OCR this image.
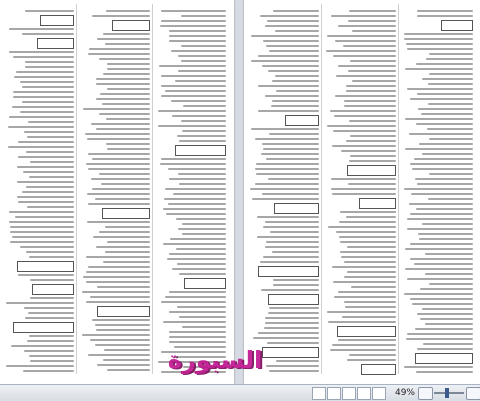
السبورة
49%
